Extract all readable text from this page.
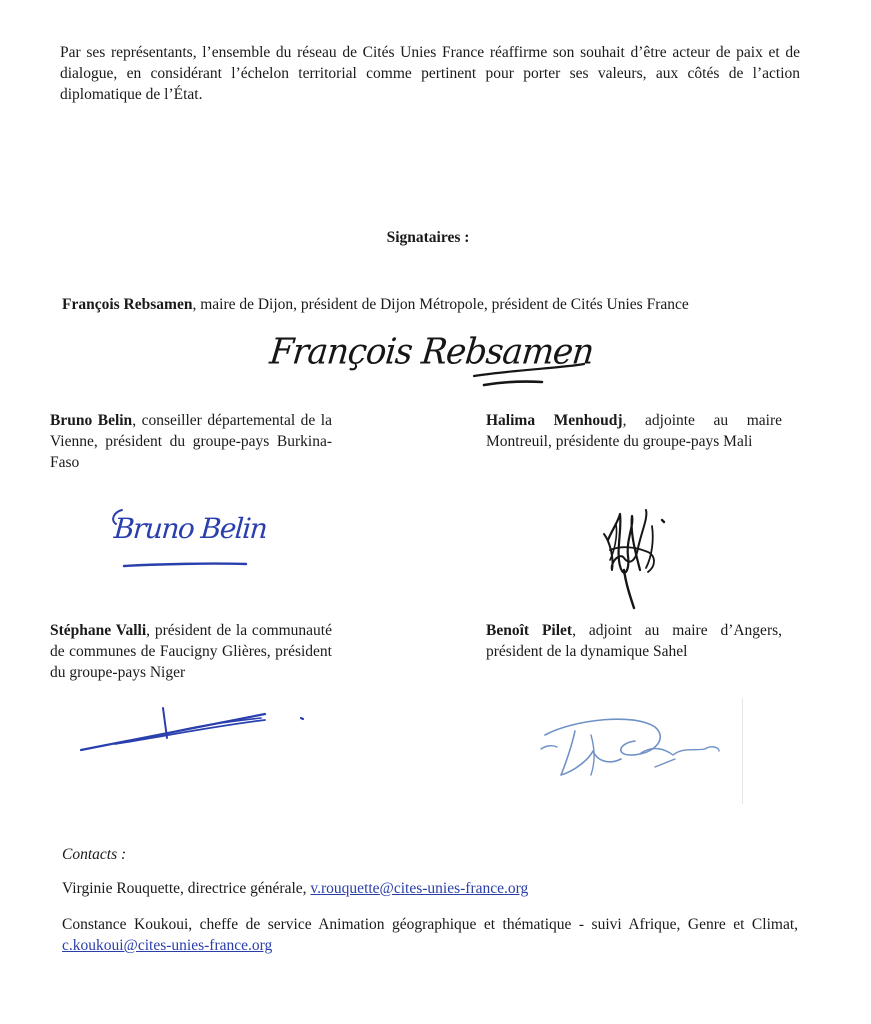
Par ses représentants, l’ensemble du réseau de Cités Unies France réaffirme son souhait d’être acteur de paix et de dialogue, en considérant l’échelon territorial comme pertinent pour porter ses valeurs, aux côtés de l’action diplomatique de l’État.

Signataires :

François Rebsamen, maire de Dijon, président de Dijon Métropole, président de Cités Unies France

François Rebsamen

Bruno Belin, conseiller départemental de la Vienne, président du groupe-pays Burkina-Faso

Bruno Belin

Halima Menhoudj, adjointe au maire Montreuil, présidente du groupe-pays Mali

Stéphane Valli, président de la communauté de communes de Faucigny Glières, président du groupe-pays Niger

Benoît Pilet, adjoint au maire d’Angers, président de la dynamique Sahel

Contacts :

Virginie Rouquette, directrice générale, v.rouquette@cites-unies-france.org

Constance Koukoui, cheffe de service Animation géographique et thématique - suivi Afrique, Genre et Climat, c.koukoui@cites-unies-france.org
